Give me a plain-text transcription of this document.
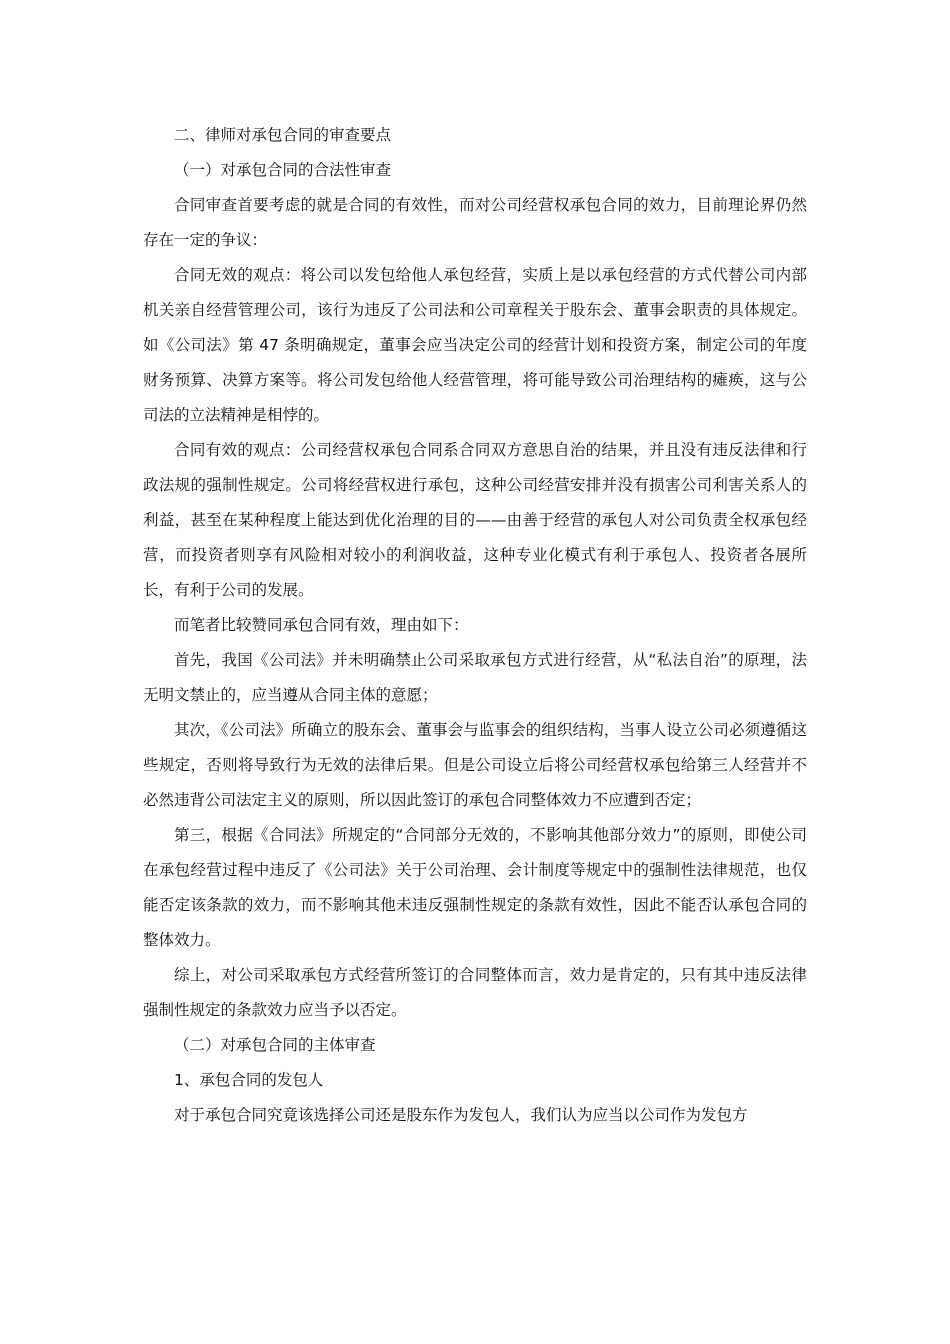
二、律师对承包合同的审查要点

（一）对承包合同的合法性审查

合同审查首要考虑的就是合同的有效性，而对公司经营权承包合同的效力，目前理论界仍然存在一定的争议：

合同无效的观点：将公司以发包给他人承包经营，实质上是以承包经营的方式代替公司内部机关亲自经营管理公司，该行为违反了公司法和公司章程关于股东会、董事会职责的具体规定。如《公司法》第 47 条明确规定，董事会应当决定公司的经营计划和投资方案，制定公司的年度财务预算、决算方案等。将公司发包给他人经营管理，将可能导致公司治理结构的瘫痪，这与公司法的立法精神是相悖的。

合同有效的观点：公司经营权承包合同系合同双方意思自治的结果，并且没有违反法律和行政法规的强制性规定。公司将经营权进行承包，这种公司经营安排并没有损害公司利害关系人的利益，甚至在某种程度上能达到优化治理的目的——由善于经营的承包人对公司负责全权承包经营，而投资者则享有风险相对较小的利润收益，这种专业化模式有利于承包人、投资者各展所长，有利于公司的发展。

而笔者比较赞同承包合同有效，理由如下：

首先，我国《公司法》并未明确禁止公司采取承包方式进行经营，从“私法自治”的原理，法无明文禁止的，应当遵从合同主体的意愿；

其次，《公司法》所确立的股东会、董事会与监事会的组织结构，当事人设立公司必须遵循这些规定，否则将导致行为无效的法律后果。但是公司设立后将公司经营权承包给第三人经营并不必然违背公司法定主义的原则，所以因此签订的承包合同整体效力不应遭到否定；

第三，根据《合同法》所规定的“合同部分无效的，不影响其他部分效力”的原则，即使公司在承包经营过程中违反了《公司法》关于公司治理、会计制度等规定中的强制性法律规范，也仅能否定该条款的效力，而不影响其他未违反强制性规定的条款有效性，因此不能否认承包合同的整体效力。

综上，对公司采取承包方式经营所签订的合同整体而言，效力是肯定的，只有其中违反法律强制性规定的条款效力应当予以否定。

（二）对承包合同的主体审查

1、承包合同的发包人

对于承包合同究竟该选择公司还是股东作为发包人，我们认为应当以公司作为发包方
